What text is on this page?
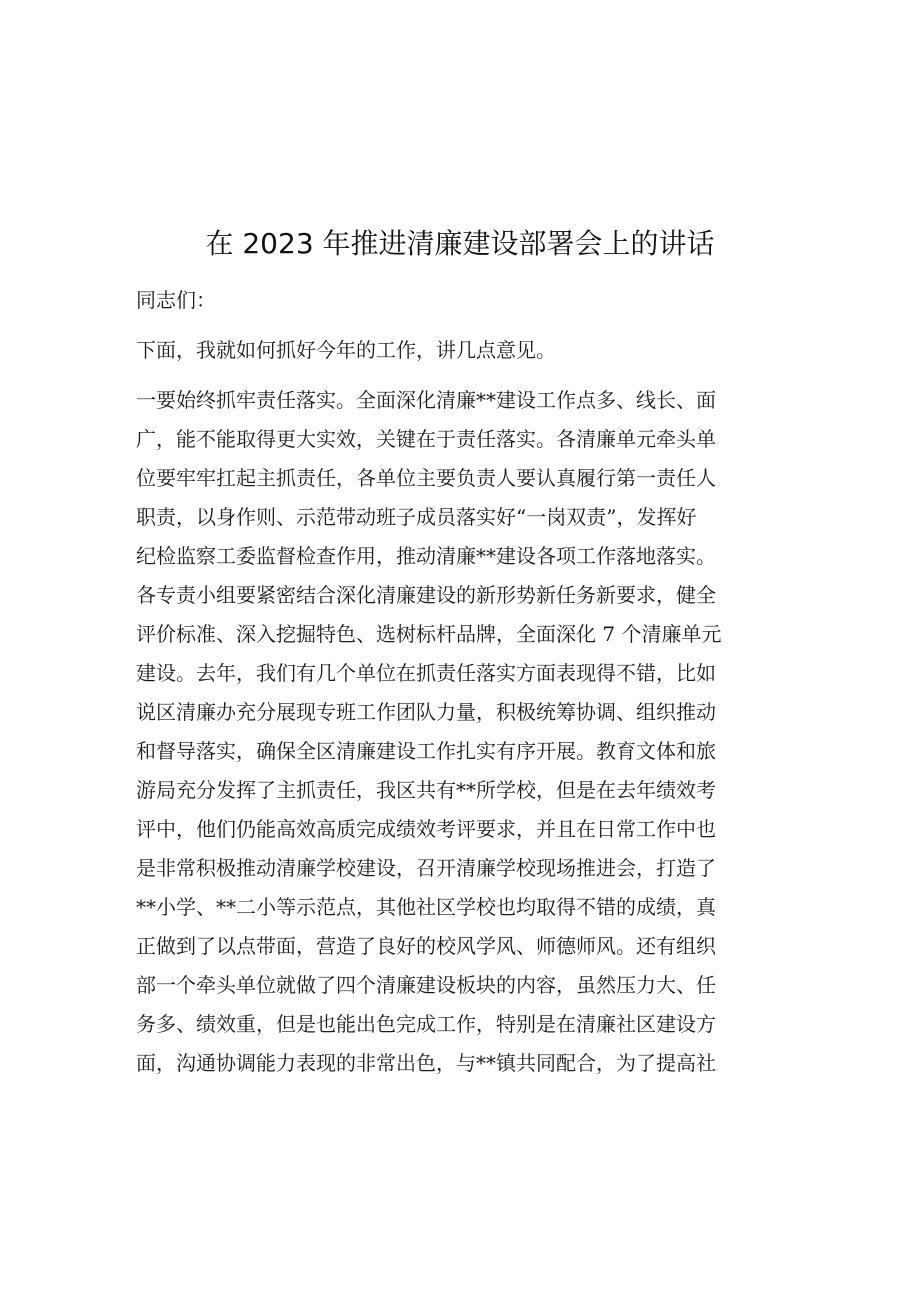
在 2023 年推进清廉建设部署会上的讲话
同志们：
下面，我就如何抓好今年的工作，讲几点意见。
一要始终抓牢责任落实。全面深化清廉**建设工作点多、线长、面
广，能不能取得更大实效，关键在于责任落实。各清廉单元牵头单
位要牢牢扛起主抓责任，各单位主要负责人要认真履行第一责任人
职责，以身作则、示范带动班子成员落实好“一岗双责”，发挥好
纪检监察工委监督检查作用，推动清廉**建设各项工作落地落实。
各专责小组要紧密结合深化清廉建设的新形势新任务新要求，健全
评价标准、深入挖掘特色、选树标杆品牌，全面深化 7 个清廉单元
建设。去年，我们有几个单位在抓责任落实方面表现得不错，比如
说区清廉办充分展现专班工作团队力量，积极统筹协调、组织推动
和督导落实，确保全区清廉建设工作扎实有序开展。教育文体和旅
游局充分发挥了主抓责任，我区共有**所学校，但是在去年绩效考
评中，他们仍能高效高质完成绩效考评要求，并且在日常工作中也
是非常积极推动清廉学校建设，召开清廉学校现场推进会，打造了
**小学、**二小等示范点，其他社区学校也均取得不错的成绩，真
正做到了以点带面，营造了良好的校风学风、师德师风。还有组织
部一个牵头单位就做了四个清廉建设板块的内容，虽然压力大、任
务多、绩效重，但是也能出色完成工作，特别是在清廉社区建设方
面，沟通协调能力表现的非常出色，与**镇共同配合，为了提高社
